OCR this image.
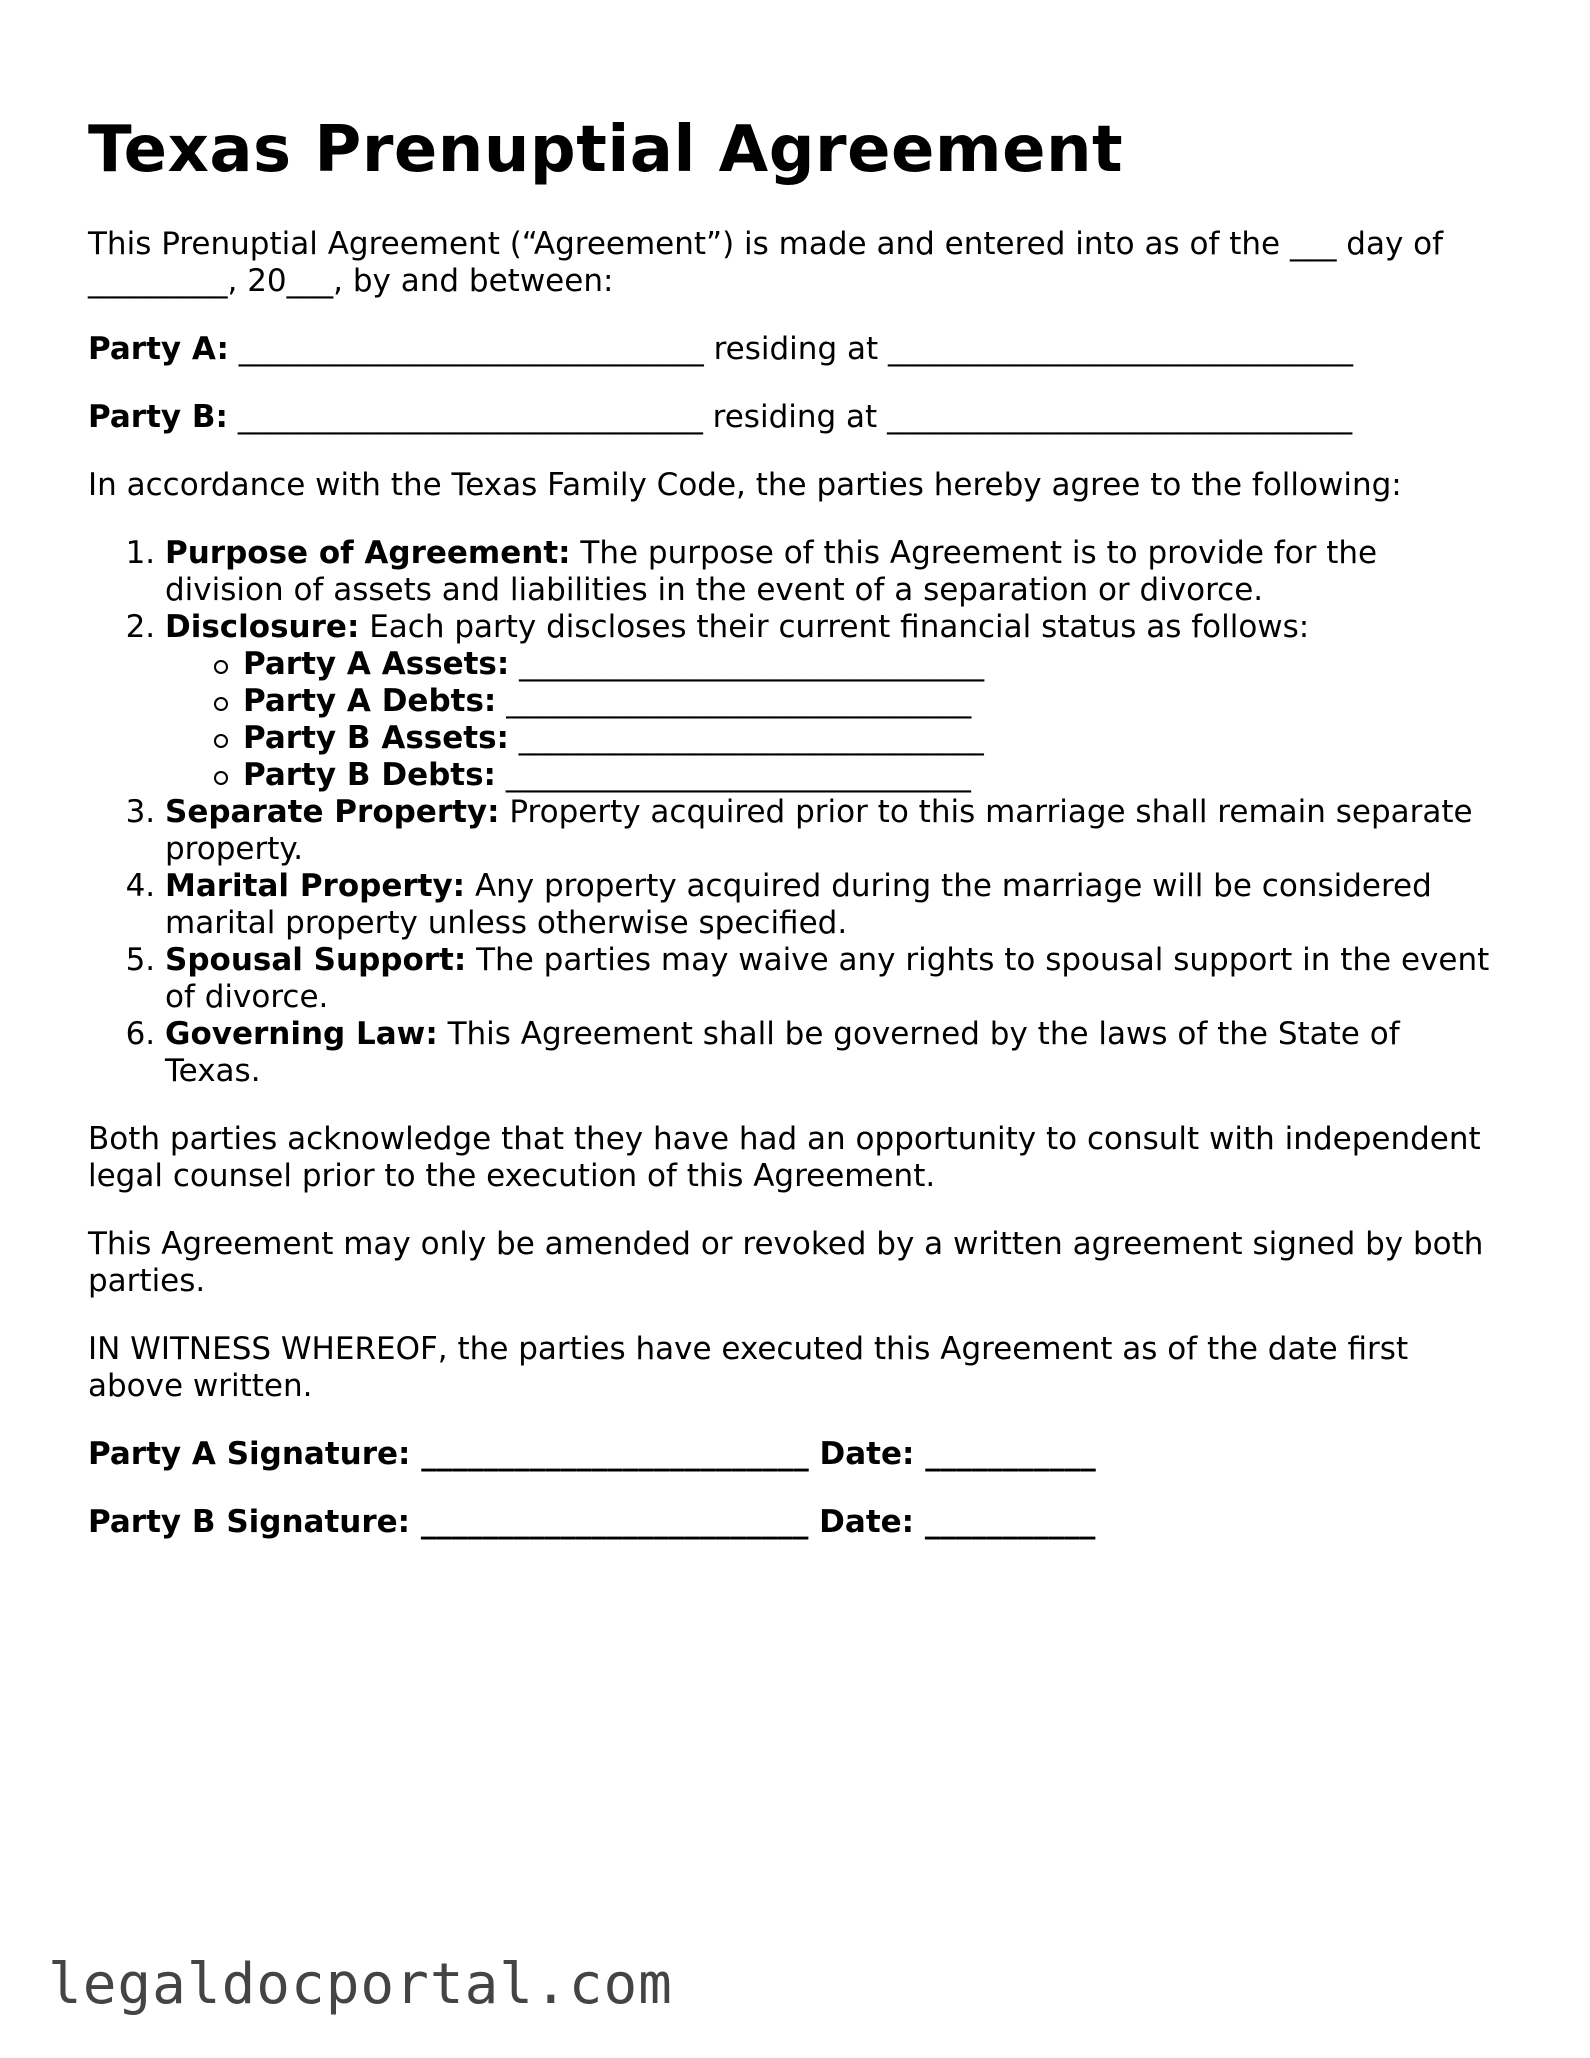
Texas Prenuptial Agreement

This Prenuptial Agreement (“Agreement”) is made and entered into as of the ___ day of
_________, 20___, by and between:

Party A: ______________________________ residing at ______________________________
Party B: ______________________________ residing at ______________________________

In accordance with the Texas Family Code, the parties hereby agree to the following:

1. Purpose of Agreement: The purpose of this Agreement is to provide for the division of assets and liabilities in the event of a separation or divorce.
2. Disclosure: Each party discloses their current financial status as follows:
Party A Assets: ______________________________
Party A Debts: ______________________________
Party B Assets: ______________________________
Party B Debts: ______________________________
3. Separate Property: Property acquired prior to this marriage shall remain separate property.
4. Marital Property: Any property acquired during the marriage will be considered marital property unless otherwise specified.
5. Spousal Support: The parties may waive any rights to spousal support in the event of divorce.
6. Governing Law: This Agreement shall be governed by the laws of the State of Texas.

Both parties acknowledge that they have had an opportunity to consult with independent legal counsel prior to the execution of this Agreement.

This Agreement may only be amended or revoked by a written agreement signed by both parties.

IN WITNESS WHEREOF, the parties have executed this Agreement as of the date first above written.

Party A Signature: _________________________ Date: ___________
Party B Signature: _________________________ Date: ___________
legaldocportal.com
